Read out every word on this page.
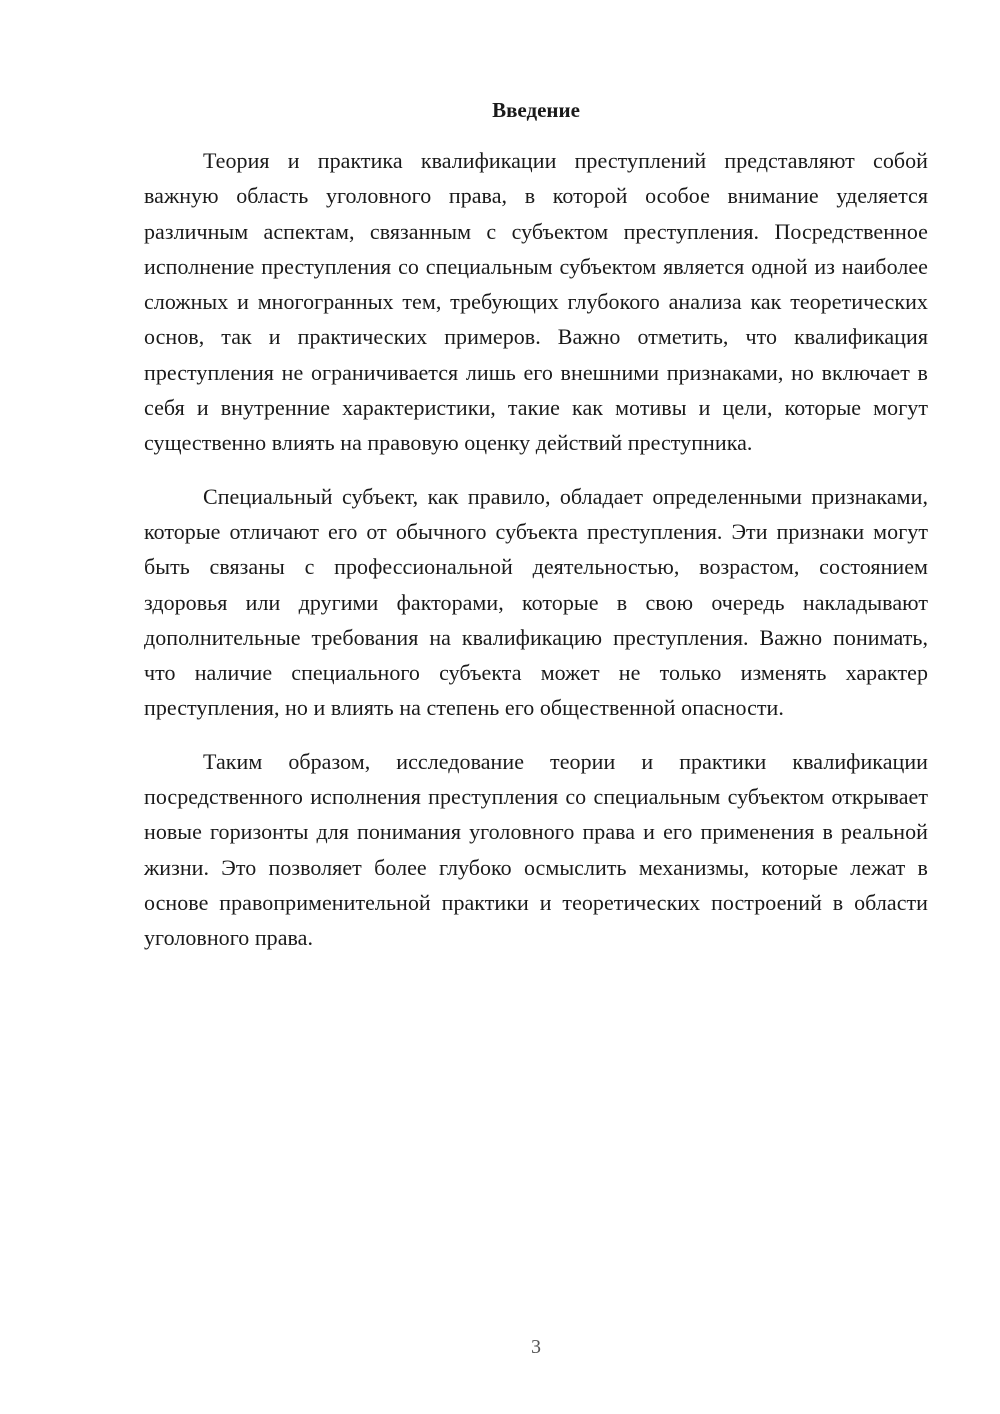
Введение

Теория и практика квалификации преступлений представляют собой важную область уголовного права, в которой особое внимание уделяется различным аспектам, связанным с субъектом преступления. Посредственное исполнение преступления со специальным субъектом является одной из наиболее сложных и многогранных тем, требующих глубокого анализа как теоретических основ, так и практических примеров. Важно отметить, что квалификация преступления не ограничивается лишь его внешними признаками, но включает в себя и внутренние характеристики, такие как мотивы и цели, которые могут существенно влиять на правовую оценку действий преступника.

Специальный субъект, как правило, обладает определенными признаками, которые отличают его от обычного субъекта преступления. Эти признаки могут быть связаны с профессиональной деятельностью, возрастом, состоянием здоровья или другими факторами, которые в свою очередь накладывают дополнительные требования на квалификацию преступления. Важно понимать, что наличие специального субъекта может не только изменять характер преступления, но и влиять на степень его общественной опасности.

Таким образом, исследование теории и практики квалификации посредственного исполнения преступления со специальным субъектом открывает новые горизонты для понимания уголовного права и его применения в реальной жизни. Это позволяет более глубоко осмыслить механизмы, которые лежат в основе правоприменительной практики и теоретических построений в области уголовного права.

3
